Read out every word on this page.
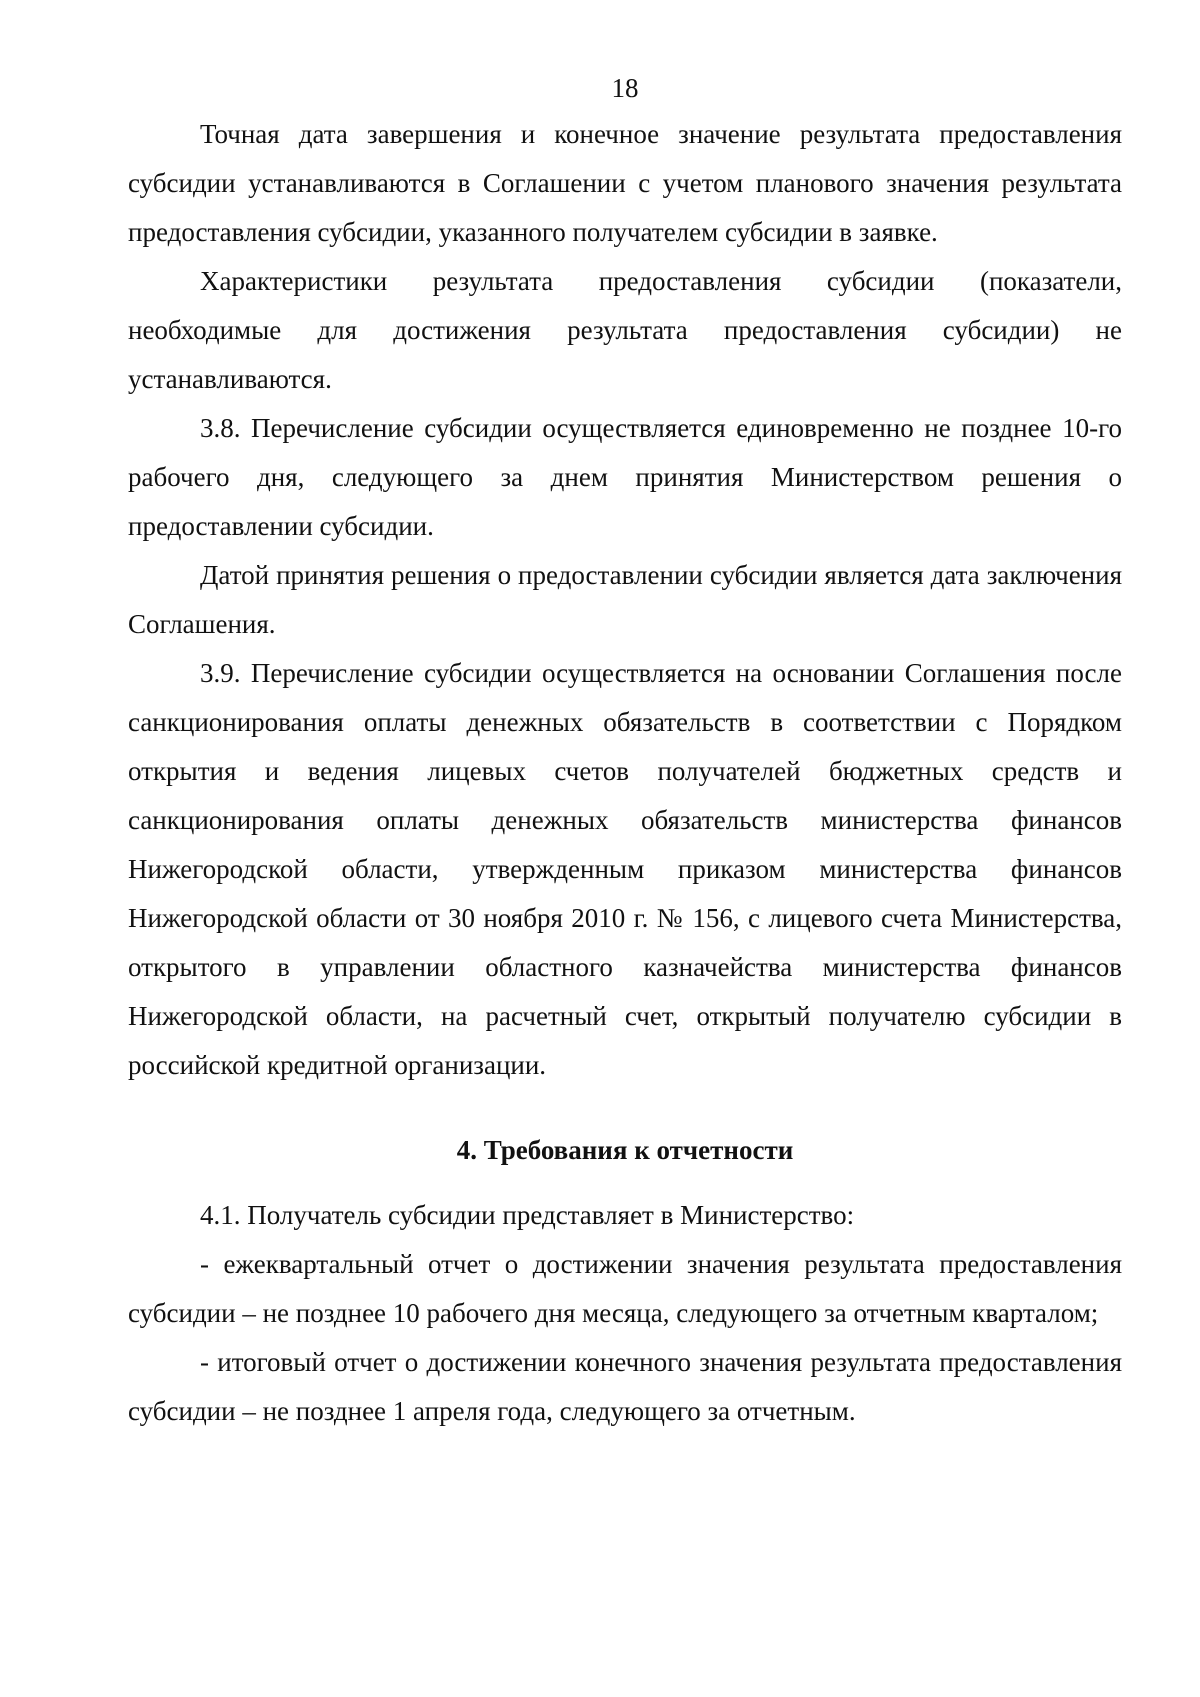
18

Точная дата завершения и конечное значение результата предоставления субсидии устанавливаются в Соглашении с учетом планового значения результата предоставления субсидии, указанного получателем субсидии в заявке.

Характеристики результата предоставления субсидии (показатели, необходимые для достижения результата предоставления субсидии) не устанавливаются.

3.8. Перечисление субсидии осуществляется единовременно не позднее 10-го рабочего дня, следующего за днем принятия Министерством решения о предоставлении субсидии.

Датой принятия решения о предоставлении субсидии является дата заключения Соглашения.

3.9. Перечисление субсидии осуществляется на основании Соглашения после санкционирования оплаты денежных обязательств в соответствии с Порядком открытия и ведения лицевых счетов получателей бюджетных средств и санкционирования оплаты денежных обязательств министерства финансов Нижегородской области, утвержденным приказом министерства финансов Нижегородской области от 30 ноября 2010 г. № 156, с лицевого счета Министерства, открытого в управлении областного казначейства министерства финансов Нижегородской области, на расчетный счет, открытый получателю субсидии в российской кредитной организации.

4. Требования к отчетности

4.1. Получатель субсидии представляет в Министерство:

- ежеквартальный отчет о достижении значения результата предоставления субсидии – не позднее 10 рабочего дня месяца, следующего за отчетным кварталом;

- итоговый отчет о достижении конечного значения результата предоставления субсидии – не позднее 1 апреля года, следующего за отчетным.
